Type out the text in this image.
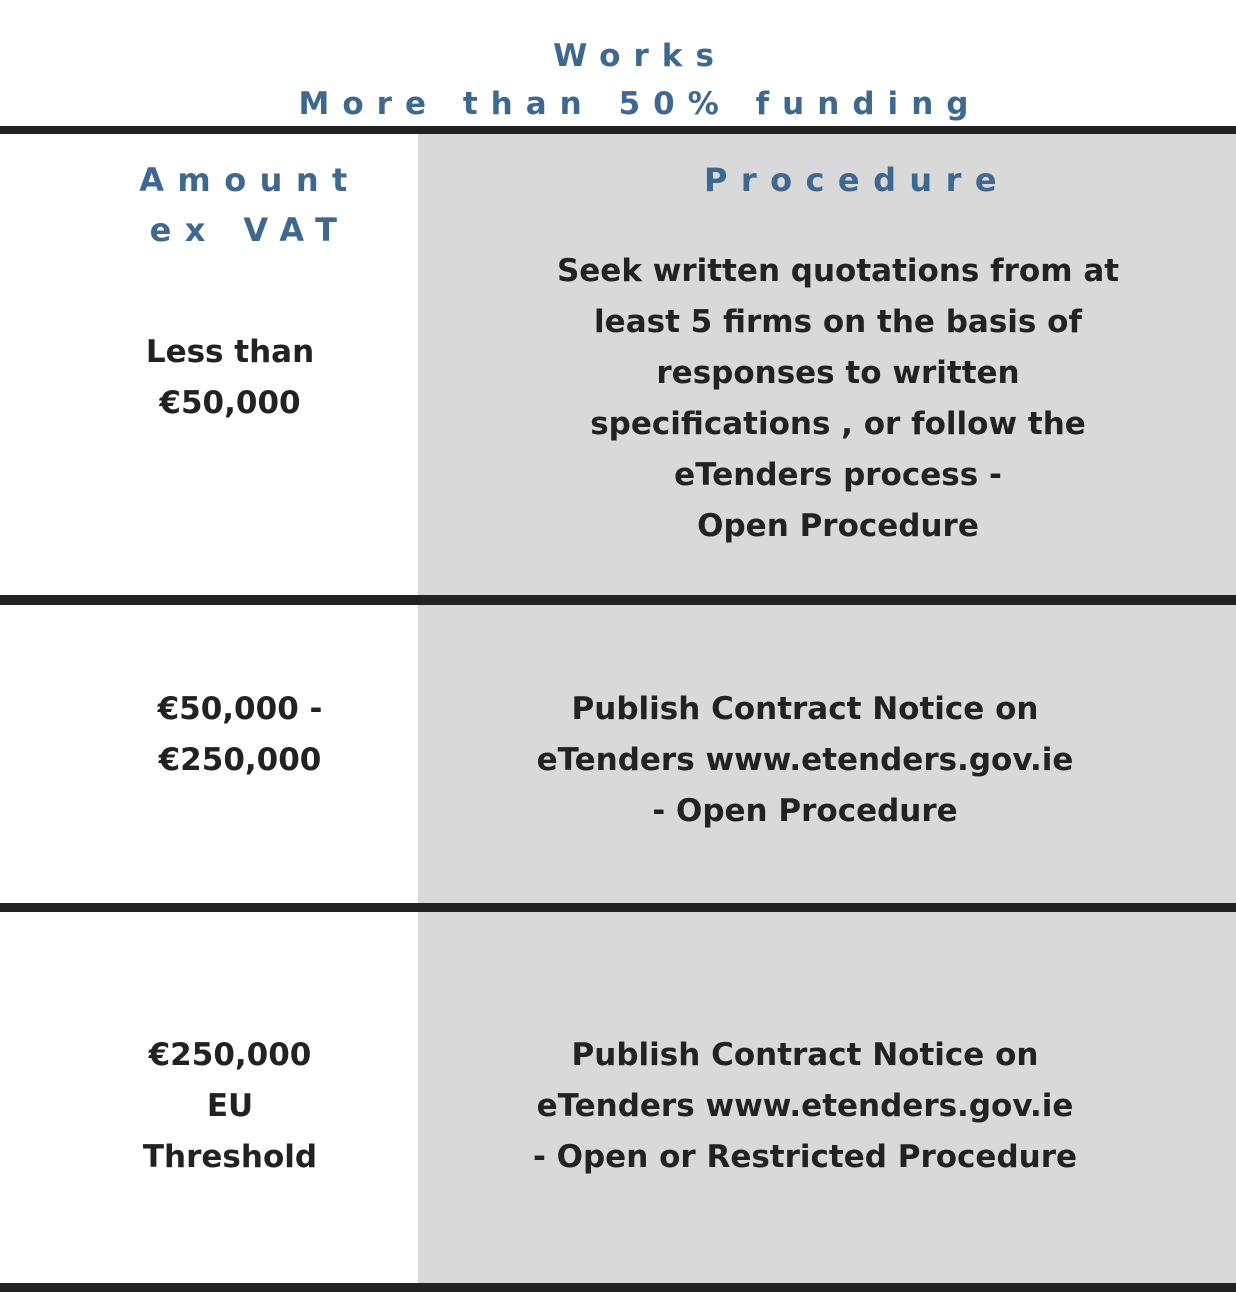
Works
More than 50% funding
Amount
ex VAT
Procedure
Less than
€50,000
Seek written quotations from at
least 5 firms on the basis of
responses to written
specifications , or follow the
eTenders process -
Open Procedure
€50,000 -
€250,000
Publish Contract Notice on
eTenders www.etenders.gov.ie
- Open Procedure
€250,000
EU
Threshold
Publish Contract Notice on
eTenders www.etenders.gov.ie
- Open or Restricted Procedure
